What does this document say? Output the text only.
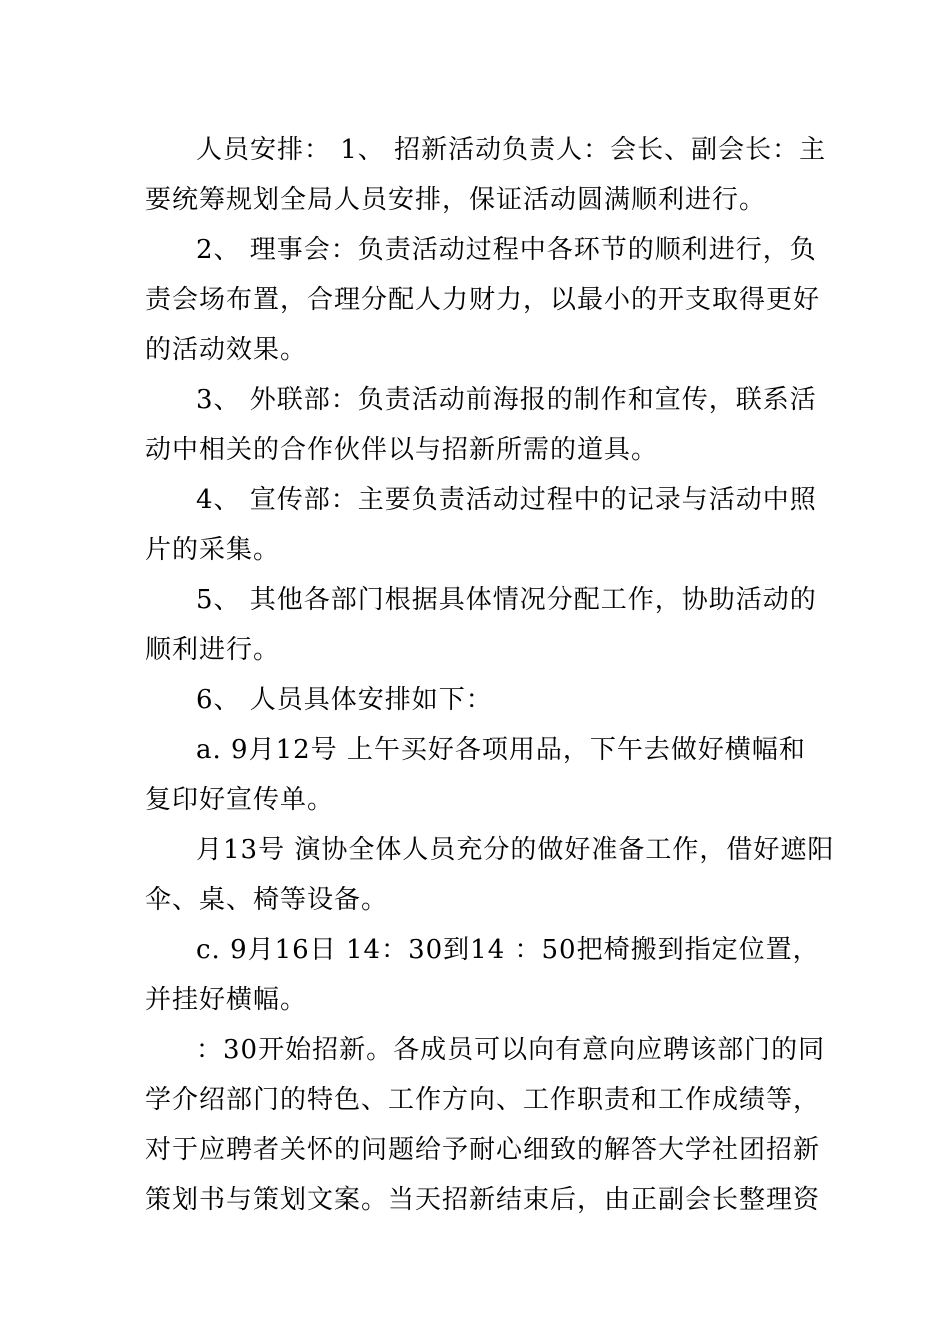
人员安排： 1、 招新活动负责人：会长、副会长：主
要统筹规划全局人员安排，保证活动圆满顺利进行。
2、 理事会：负责活动过程中各环节的顺利进行，负
责会场布置，合理分配人力财力，以最小的开支取得更好
的活动效果。
3、 外联部：负责活动前海报的制作和宣传，联系活
动中相关的合作伙伴以与招新所需的道具。
4、 宣传部：主要负责活动过程中的记录与活动中照
片的采集。
5、 其他各部门根据具体情况分配工作，协助活动的
顺利进行。
6、 人员具体安排如下：
a. 9月12号 上午买好各项用品，下午去做好横幅和
复印好宣传单。
月13号 演协全体人员充分的做好准备工作，借好遮阳
伞、桌、椅等设备。
c. 9月16日 14：30到14 ：50把椅搬到指定位置，
并挂好横幅。
：30开始招新。各成员可以向有意向应聘该部门的同
学介绍部门的特色、工作方向、工作职责和工作成绩等，
对于应聘者关怀的问题给予耐心细致的解答大学社团招新
策划书与策划文案。当天招新结束后，由正副会长整理资
